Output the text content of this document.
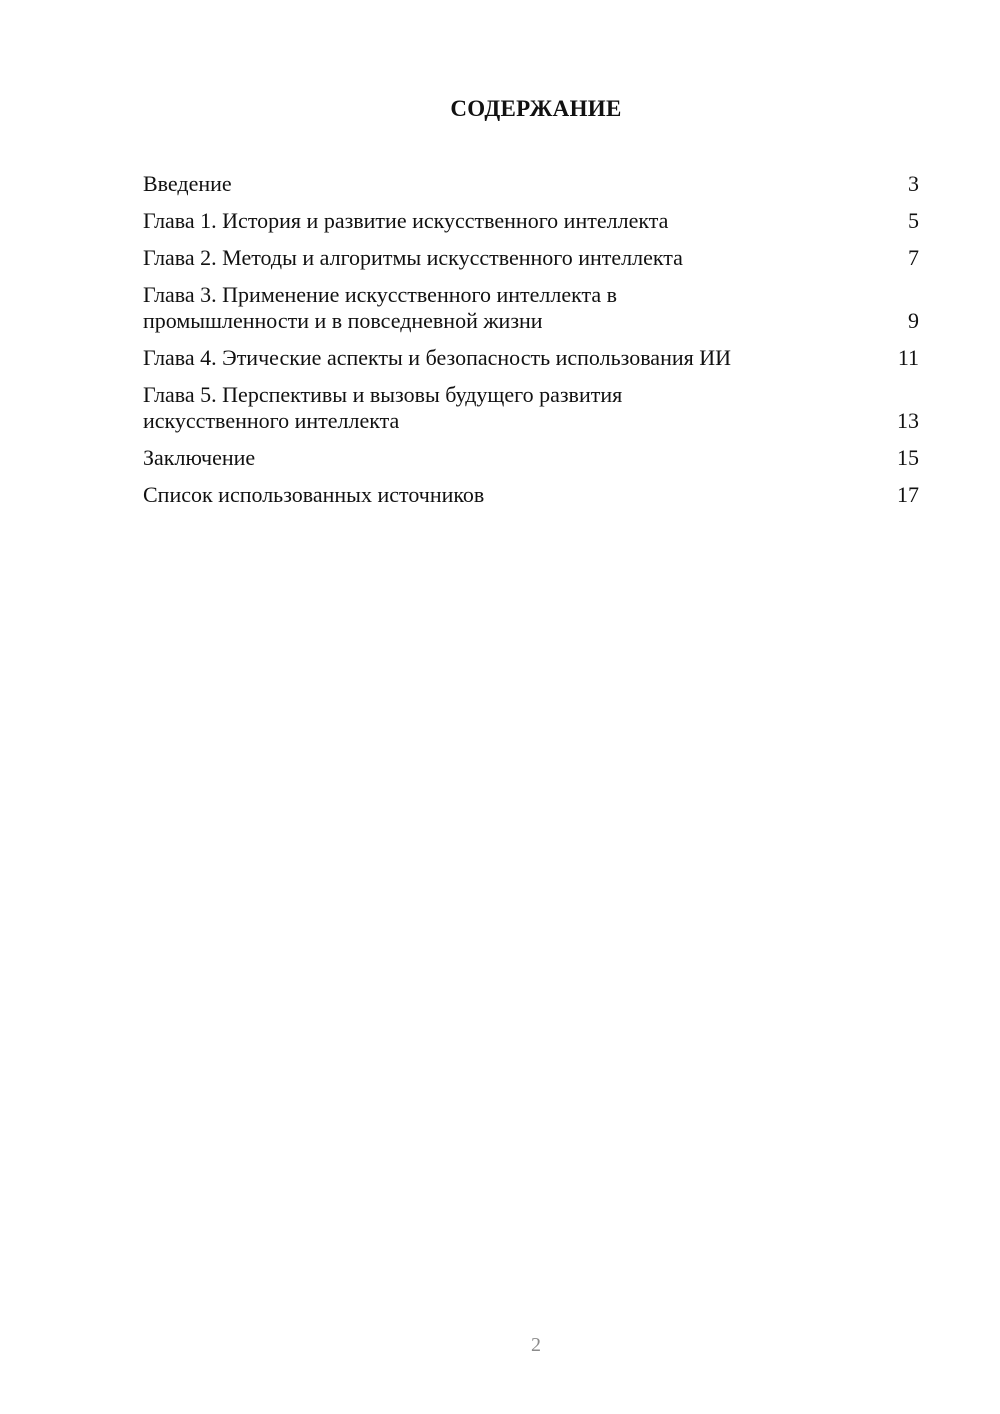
СОДЕРЖАНИЕ
Введение	3
Глава 1. История и развитие искусственного интеллекта	5
Глава 2. Методы и алгоритмы искусственного интеллекта	7
Глава 3. Применение искусственного интеллекта в
промышленности и в повседневной жизни	9
Глава 4. Этические аспекты и безопасность использования ИИ	11
Глава 5. Перспективы и вызовы будущего развития
искусственного интеллекта	13
Заключение	15
Список использованных источников	17
2
